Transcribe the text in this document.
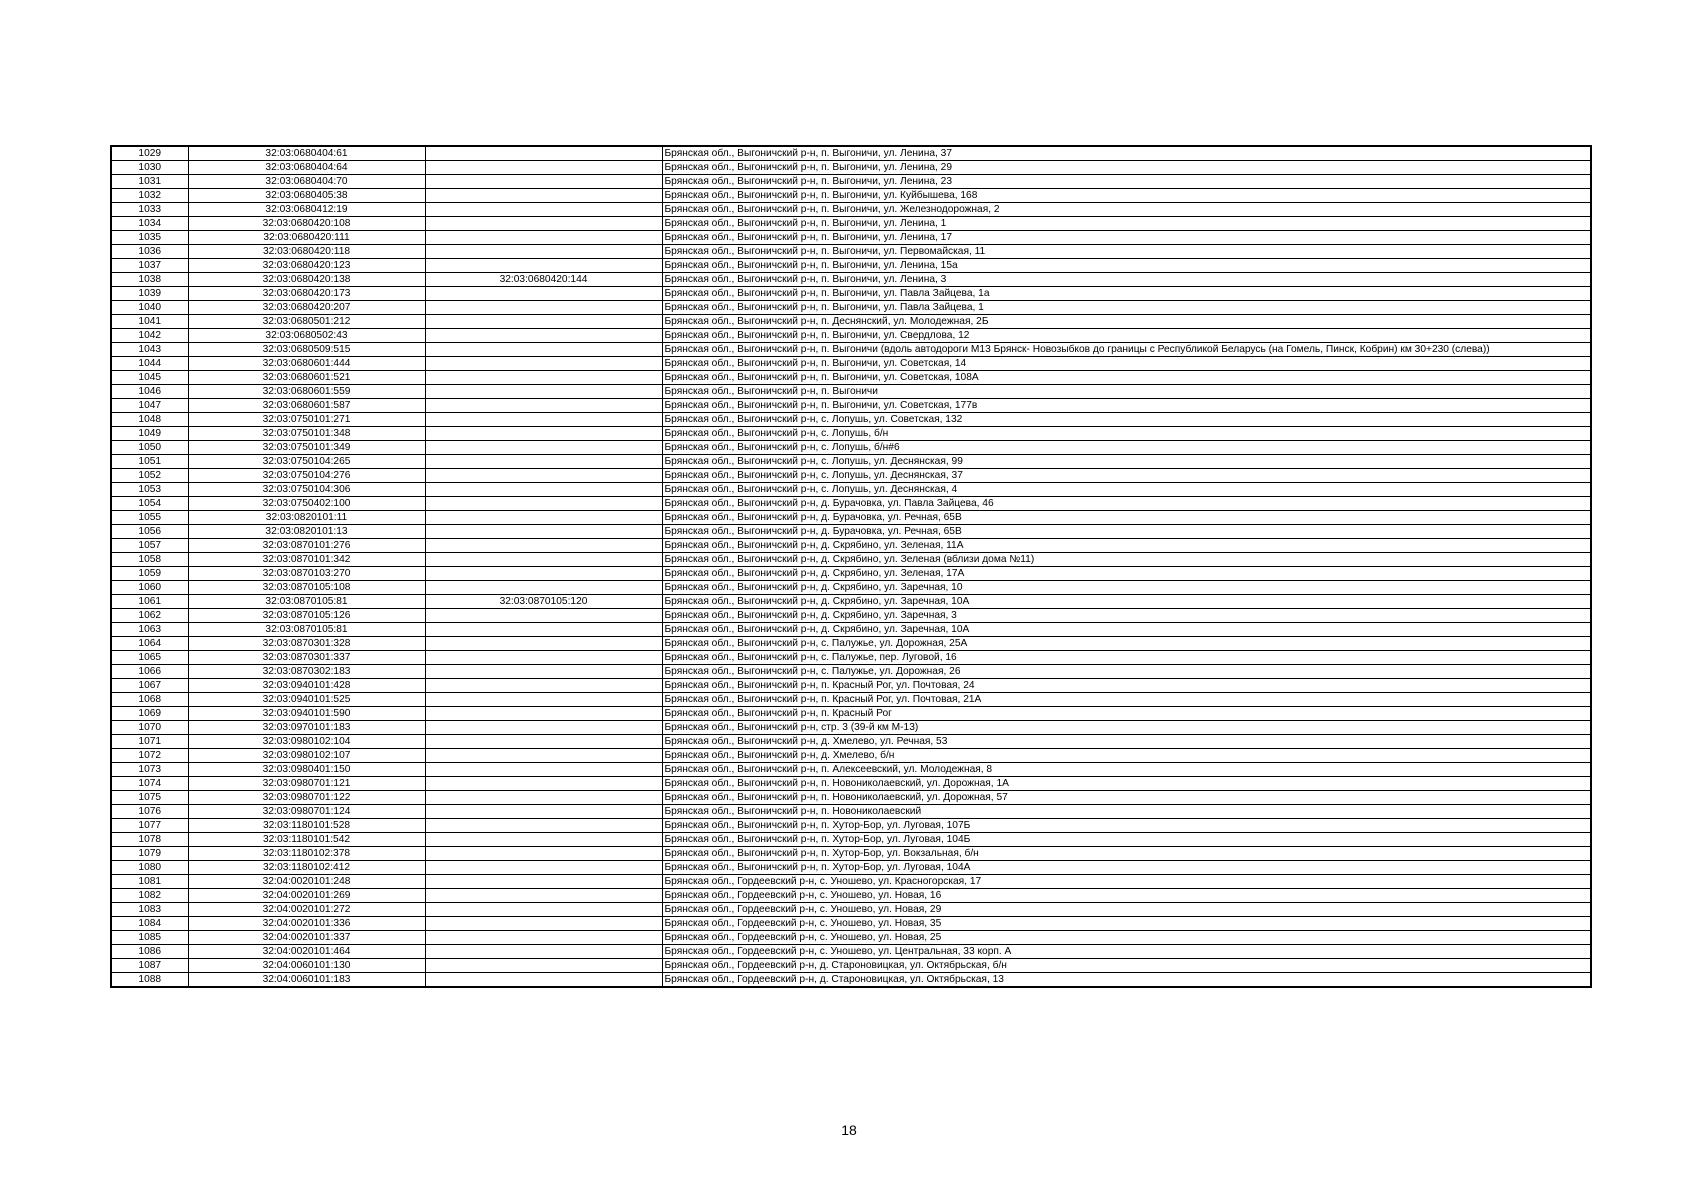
1029	32:03:0680404:61		Брянская обл., Выгоничский р-н, п. Выгоничи, ул. Ленина, 37
1030	32:03:0680404:64		Брянская обл., Выгоничский р-н, п. Выгоничи, ул. Ленина, 29
1031	32:03:0680404:70		Брянская обл., Выгоничский р-н, п. Выгоничи, ул. Ленина, 23
1032	32:03:0680405:38		Брянская обл., Выгоничский р-н, п. Выгоничи, ул. Куйбышева, 168
1033	32:03:0680412:19		Брянская обл., Выгоничский р-н, п. Выгоничи, ул. Железнодорожная, 2
1034	32:03:0680420:108		Брянская обл., Выгоничский р-н, п. Выгоничи, ул. Ленина, 1
1035	32:03:0680420:111		Брянская обл., Выгоничский р-н, п. Выгоничи, ул. Ленина, 17
1036	32:03:0680420:118		Брянская обл., Выгоничский р-н, п. Выгоничи, ул. Первомайская, 11
1037	32:03:0680420:123		Брянская обл., Выгоничский р-н, п. Выгоничи, ул. Ленина, 15а
1038	32:03:0680420:138	32:03:0680420:144	Брянская обл., Выгоничский р-н, п. Выгоничи, ул. Ленина, 3
1039	32:03:0680420:173		Брянская обл., Выгоничский р-н, п. Выгоничи, ул. Павла Зайцева, 1а
1040	32:03:0680420:207		Брянская обл., Выгоничский р-н, п. Выгоничи, ул. Павла Зайцева, 1
1041	32:03:0680501:212		Брянская обл., Выгоничский р-н, п. Деснянский, ул. Молодежная, 2Б
1042	32:03:0680502:43		Брянская обл., Выгоничский р-н, п. Выгоничи, ул. Свердлова, 12
1043	32:03:0680509:515		Брянская обл., Выгоничский р-н, п. Выгоничи (вдоль автодороги М13 Брянск- Новозыбков до границы с Республикой Беларусь (на Гомель, Пинск, Кобрин) км 30+230 (слева))
1044	32:03:0680601:444		Брянская обл., Выгоничский р-н, п. Выгоничи, ул. Советская, 14
1045	32:03:0680601:521		Брянская обл., Выгоничский р-н, п. Выгоничи, ул. Советская, 108А
1046	32:03:0680601:559		Брянская обл., Выгоничский р-н, п. Выгоничи
1047	32:03:0680601:587		Брянская обл., Выгоничский р-н, п. Выгоничи, ул. Советская, 177в
1048	32:03:0750101:271		Брянская обл., Выгоничский р-н, с. Лопушь, ул. Советская, 132
1049	32:03:0750101:348		Брянская обл., Выгоничский р-н, с. Лопушь, б/н
1050	32:03:0750101:349		Брянская обл., Выгоничский р-н, с. Лопушь, б/н#6
1051	32:03:0750104:265		Брянская обл., Выгоничский р-н, с. Лопушь, ул. Деснянская, 99
1052	32:03:0750104:276		Брянская обл., Выгоничский р-н, с. Лопушь, ул. Деснянская, 37
1053	32:03:0750104:306		Брянская обл., Выгоничский р-н, с. Лопушь, ул. Деснянская, 4
1054	32:03:0750402:100		Брянская обл., Выгоничский р-н, д. Бурачовка, ул. Павла Зайцева, 46
1055	32:03:0820101:11		Брянская обл., Выгоничский р-н, д. Бурачовка, ул. Речная, 65В
1056	32:03:0820101:13		Брянская обл., Выгоничский р-н, д. Бурачовка, ул. Речная, 65В
1057	32:03:0870101:276		Брянская обл., Выгоничский р-н, д. Скрябино, ул. Зеленая, 11А
1058	32:03:0870101:342		Брянская обл., Выгоничский р-н, д. Скрябино, ул. Зеленая (вблизи дома №11)
1059	32:03:0870103:270		Брянская обл., Выгоничский р-н, д. Скрябино, ул. Зеленая, 17А
1060	32:03:0870105:108		Брянская обл., Выгоничский р-н, д. Скрябино, ул. Заречная, 10
1061	32:03:0870105:81	32:03:0870105:120	Брянская обл., Выгоничский р-н, д. Скрябино, ул. Заречная, 10А
1062	32:03:0870105:126		Брянская обл., Выгоничский р-н, д. Скрябино, ул. Заречная, 3
1063	32:03:0870105:81		Брянская обл., Выгоничский р-н, д. Скрябино, ул. Заречная, 10А
1064	32:03:0870301:328		Брянская обл., Выгоничский р-н, с. Палужье, ул. Дорожная, 25А
1065	32:03:0870301:337		Брянская обл., Выгоничский р-н, с. Палужье, пер. Луговой, 16
1066	32:03:0870302:183		Брянская обл., Выгоничский р-н, с. Палужье, ул. Дорожная, 26
1067	32:03:0940101:428		Брянская обл., Выгоничский р-н, п. Красный Рог, ул. Почтовая, 24
1068	32:03:0940101:525		Брянская обл., Выгоничский р-н, п. Красный Рог, ул. Почтовая, 21А
1069	32:03:0940101:590		Брянская обл., Выгоничский р-н, п. Красный Рог
1070	32:03:0970101:183		Брянская обл., Выгоничский р-н, стр. 3 (39-й км М-13)
1071	32:03:0980102:104		Брянская обл., Выгоничский р-н, д. Хмелево, ул. Речная, 53
1072	32:03:0980102:107		Брянская обл., Выгоничский р-н, д. Хмелево, б/н
1073	32:03:0980401:150		Брянская обл., Выгоничский р-н, п. Алексеевский, ул. Молодежная, 8
1074	32:03:0980701:121		Брянская обл., Выгоничский р-н, п. Новониколаевский, ул. Дорожная, 1А
1075	32:03:0980701:122		Брянская обл., Выгоничский р-н, п. Новониколаевский, ул. Дорожная, 57
1076	32:03:0980701:124		Брянская обл., Выгоничский р-н, п. Новониколаевский
1077	32:03:1180101:528		Брянская обл., Выгоничский р-н, п. Хутор-Бор, ул. Луговая, 107Б
1078	32:03:1180101:542		Брянская обл., Выгоничский р-н, п. Хутор-Бор, ул. Луговая, 104Б
1079	32:03:1180102:378		Брянская обл., Выгоничский р-н, п. Хутор-Бор, ул. Вокзальная, б/н
1080	32:03:1180102:412		Брянская обл., Выгоничский р-н, п. Хутор-Бор, ул. Луговая, 104А
1081	32:04:0020101:248		Брянская обл., Гордеевский р-н, с. Уношево, ул. Красногорская, 17
1082	32:04:0020101:269		Брянская обл., Гордеевский р-н, с. Уношево, ул. Новая, 16
1083	32:04:0020101:272		Брянская обл., Гордеевский р-н, с. Уношево, ул. Новая, 29
1084	32:04:0020101:336		Брянская обл., Гордеевский р-н, с. Уношево, ул. Новая, 35
1085	32:04:0020101:337		Брянская обл., Гордеевский р-н, с. Уношево, ул. Новая, 25
1086	32:04:0020101:464		Брянская обл., Гордеевский р-н, с. Уношево, ул. Центральная, 33 корп. А
1087	32:04:0060101:130		Брянская обл., Гордеевский р-н, д. Староновицкая, ул. Октябрьская, б/н
1088	32:04:0060101:183		Брянская обл., Гордеевский р-н, д. Староновицкая, ул. Октябрьская, 13
18
